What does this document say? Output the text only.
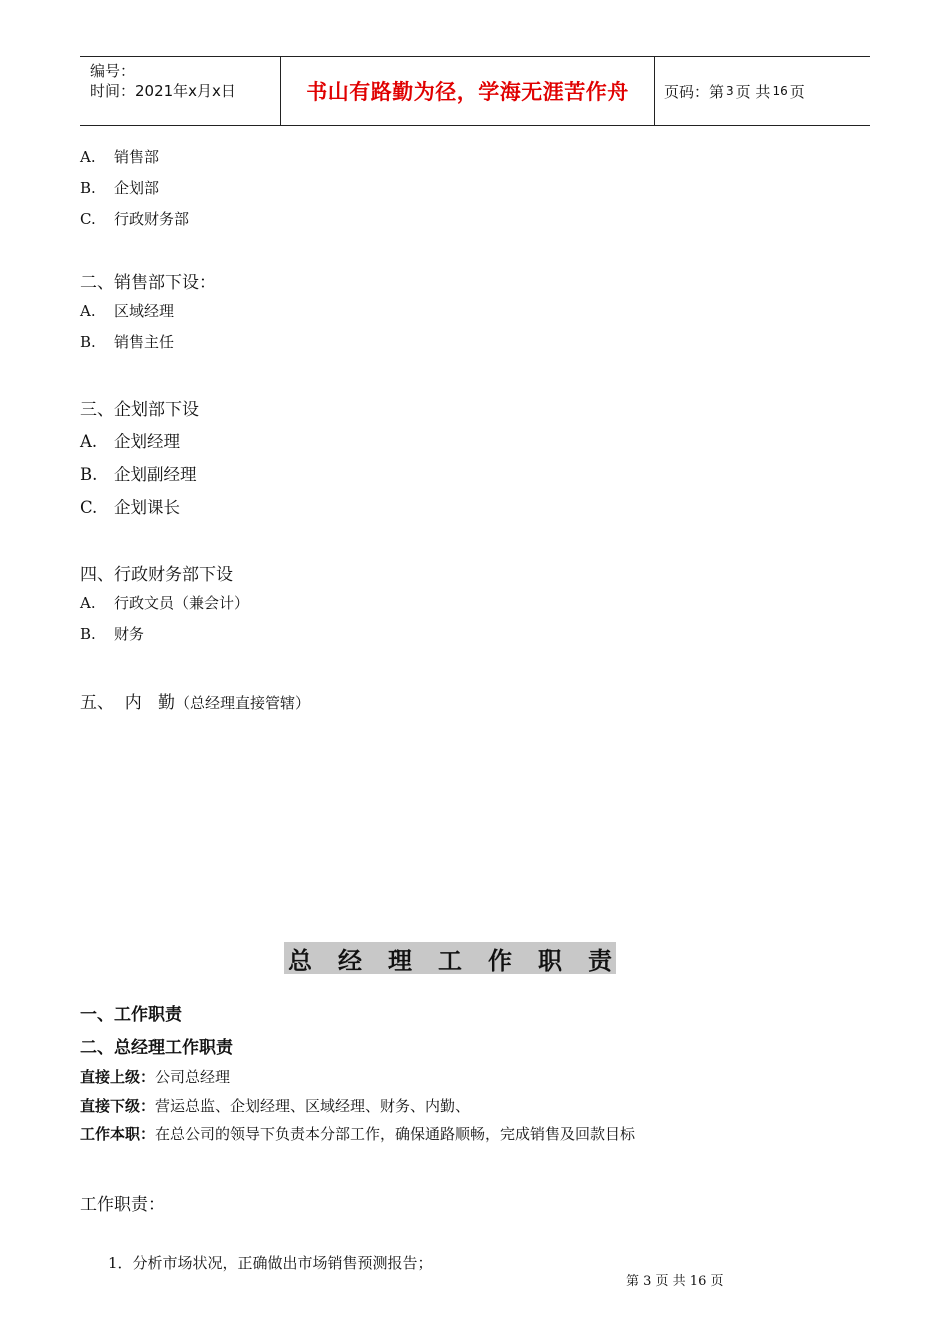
编号：
时间：2021年x月x日	书山有路勤为径，学海无涯苦作舟	页码：第 3 页 共 16 页
A. 销售部
B. 企划部
C. 行政财务部
二、销售部下设：
A. 区域经理
B. 销售主任
三、企划部下设
A. 企划经理
B. 企划副经理
C. 企划课长
四、行政财务部下设
A. 行政文员（兼会计）
B. 财务
五、  内   勤（总经理直接管辖）
总 经 理 工 作 职 责
一、工作职责
二、总经理工作职责
直接上级：公司总经理
直接下级：营运总监、企划经理、区域经理、财务、内勤、
工作本职：在总公司的领导下负责本分部工作，确保通路顺畅，完成销售及回款目标
工作职责：
1．分析市场状况，正确做出市场销售预测报告；
第 3 页 共 16 页
